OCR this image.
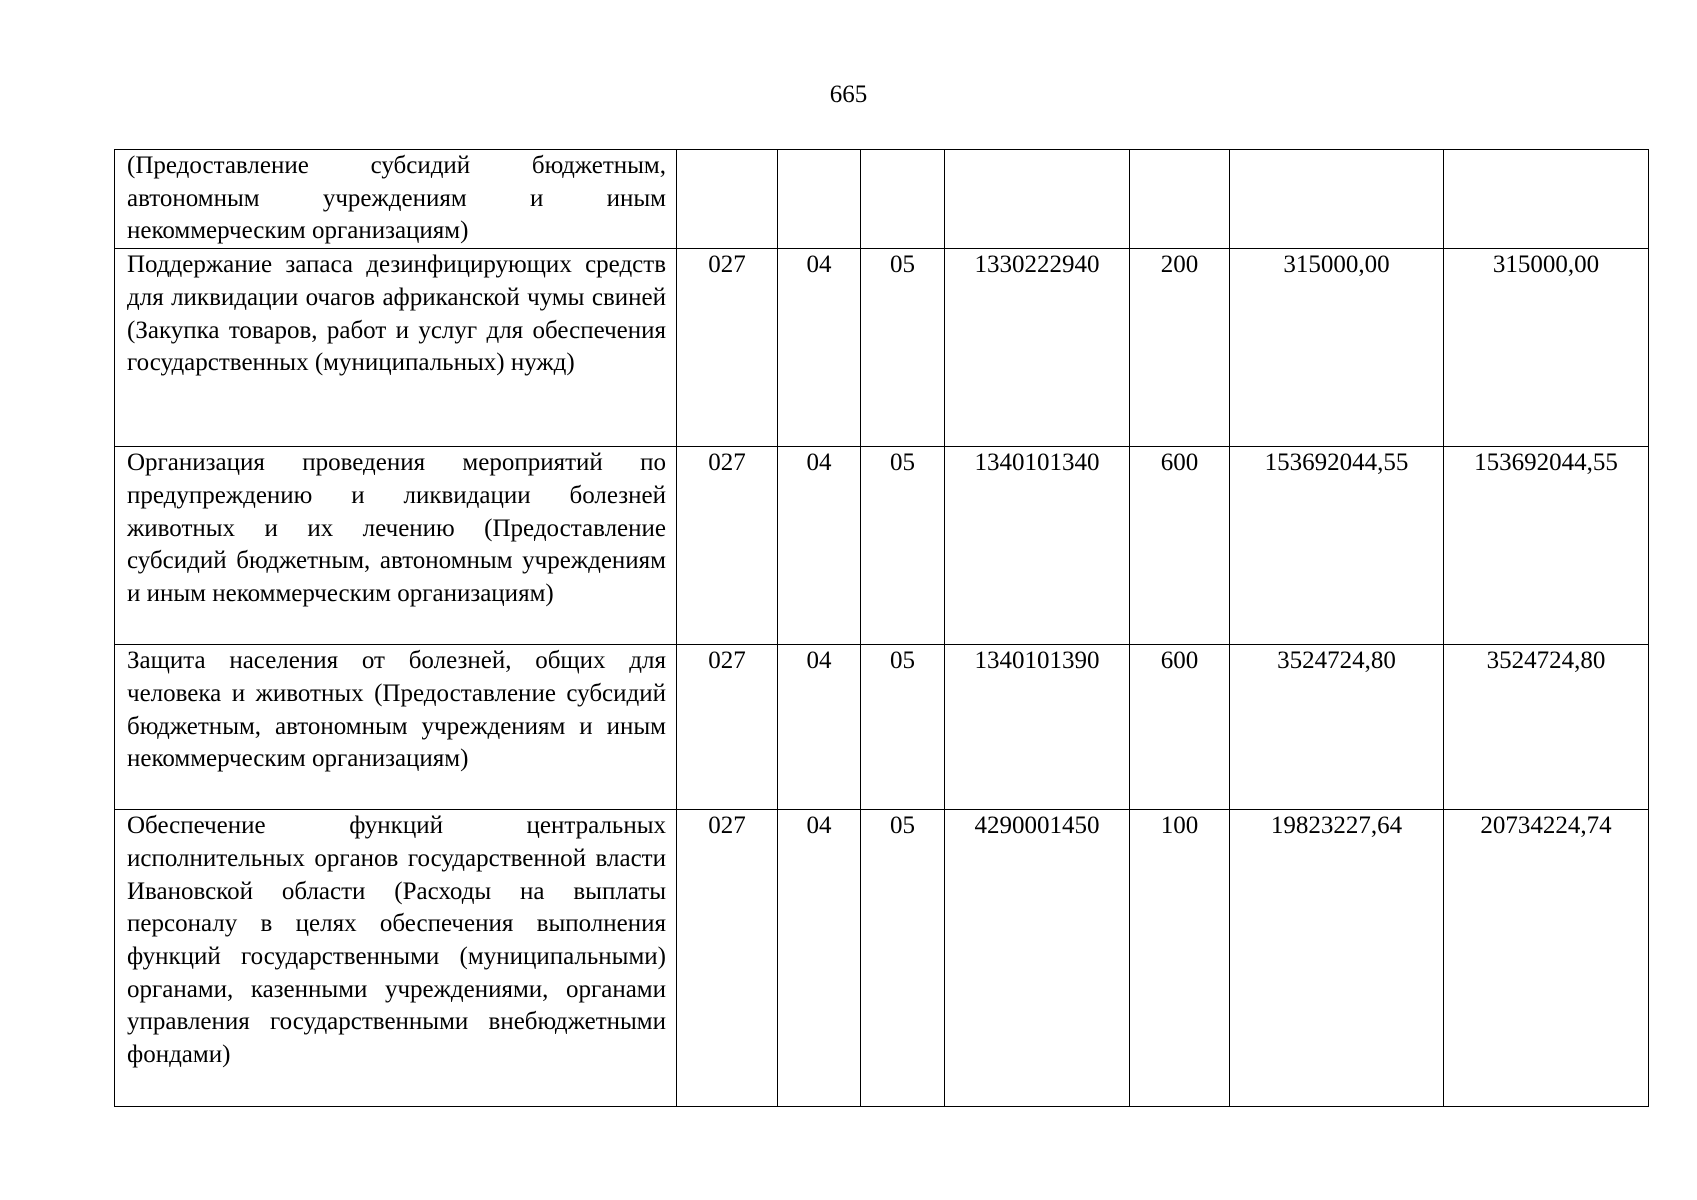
665
(Предоставление субсидий бюджетным, автономным учреждениям и иным некоммерческим организациям)							
Поддержание запаса дезинфицирующих средств для ликвидации очагов африканской чумы свиней (Закупка товаров, работ и услуг для обеспечения государственных (муниципальных) нужд)	027	04	05	1330222940	200	315000,00	315000,00
Организация проведения мероприятий по предупреждению и ликвидации болезней животных и их лечению (Предоставление субсидий бюджетным, автономным учреждениям и иным некоммерческим организациям)	027	04	05	1340101340	600	153692044,55	153692044,55
Защита населения от болезней, общих для человека и животных (Предоставление субсидий бюджетным, автономным учреждениям и иным некоммерческим организациям)	027	04	05	1340101390	600	3524724,80	3524724,80
Обеспечение функций центральных исполнительных органов государственной власти Ивановской области (Расходы на выплаты персоналу в целях обеспечения выполнения функций государственными (муниципальными) органами, казенными учреждениями, органами управления государственными внебюджетными фондами)	027	04	05	4290001450	100	19823227,64	20734224,74
